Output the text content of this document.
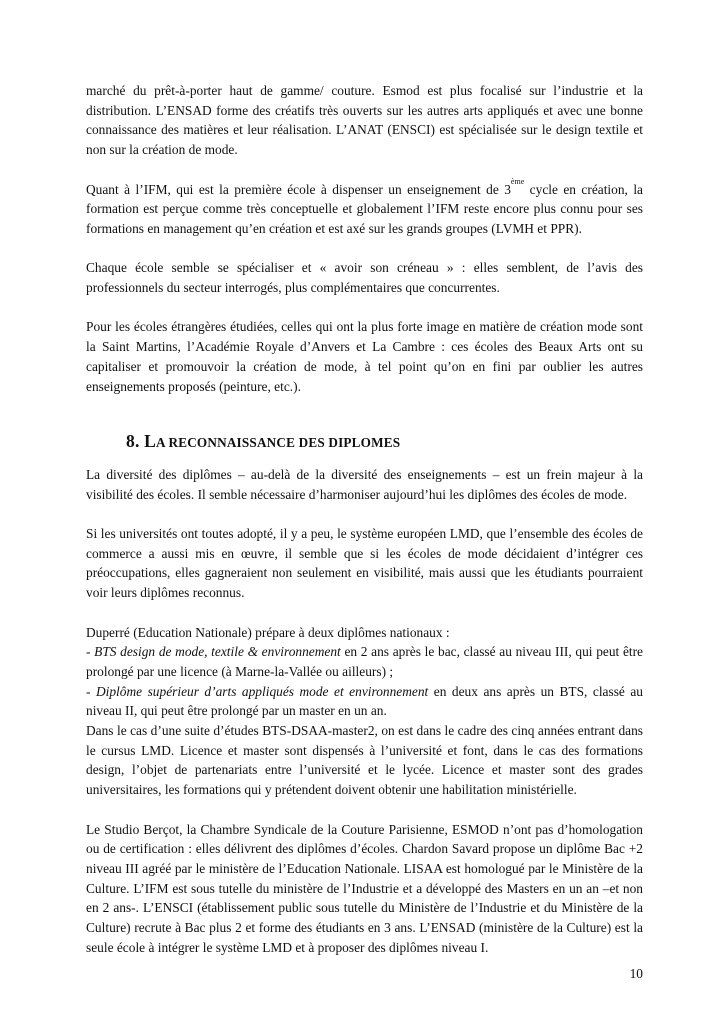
marché du prêt-à-porter haut de gamme/ couture. Esmod est plus focalisé sur l’industrie et la distribution. L’ENSAD forme des créatifs très ouverts sur les autres arts appliqués et avec une bonne connaissance des matières et leur réalisation. L’ANAT (ENSCI) est spécialisée sur le design textile et non sur la création de mode.

Quant à l’IFM, qui est la première école à dispenser un enseignement de 3ème cycle en création, la formation est perçue comme très conceptuelle et globalement l’IFM reste encore plus connu pour ses formations en management qu’en création et est axé sur les grands groupes (LVMH et PPR).

Chaque école semble se spécialiser et « avoir son créneau » : elles semblent, de l’avis des professionnels du secteur interrogés, plus complémentaires que concurrentes.

Pour les écoles étrangères étudiées, celles qui ont la plus forte image en matière de création mode sont la Saint Martins, l’Académie Royale d’Anvers et La Cambre : ces écoles des Beaux Arts ont su capitaliser et promouvoir la création de mode, à tel point qu’on en fini par oublier les autres enseignements proposés (peinture, etc.).

8. LA RECONNAISSANCE DES DIPLOMES

La diversité des diplômes – au-delà de la diversité des enseignements – est un frein majeur à la visibilité des écoles. Il semble nécessaire d’harmoniser aujourd’hui les diplômes des écoles de mode.

Si les universités ont toutes adopté, il y a peu, le système européen LMD, que l’ensemble des écoles de commerce a aussi mis en œuvre, il semble que si les écoles de mode décidaient d’intégrer ces préoccupations, elles gagneraient non seulement en visibilité, mais aussi que les étudiants pourraient voir leurs diplômes reconnus.

Duperré (Education Nationale) prépare à deux diplômes nationaux :

- BTS design de mode, textile & environnement en 2 ans après le bac, classé au niveau III, qui peut être prolongé par une licence (à Marne-la-Vallée ou ailleurs) ;

- Diplôme supérieur d’arts appliqués mode et environnement en deux ans après un BTS, classé au niveau II, qui peut être prolongé par un master en un an.

Dans le cas d’une suite d’études BTS-DSAA-master2, on est dans le cadre des cinq années entrant dans le cursus LMD. Licence et master sont dispensés à l’université et font, dans le cas des formations design, l’objet de partenariats entre l’université et le lycée. Licence et master sont des grades universitaires, les formations qui y prétendent doivent obtenir une habilitation ministérielle.

Le Studio Berçot, la Chambre Syndicale de la Couture Parisienne, ESMOD n’ont pas d’homologation ou de certification : elles délivrent des diplômes d’écoles. Chardon Savard propose un diplôme Bac +2 niveau III agréé par le ministère de l’Education Nationale. LISAA est homologué par le Ministère de la Culture. L’IFM est sous tutelle du ministère de l’Industrie et a développé des Masters en un an –et non en 2 ans-. L’ENSCI (établissement public sous tutelle du Ministère de l’Industrie et du Ministère de la Culture) recrute à Bac plus 2 et forme des étudiants en 3 ans. L’ENSAD (ministère de la Culture) est la seule école à intégrer le système LMD et à proposer des diplômes niveau I.

10
